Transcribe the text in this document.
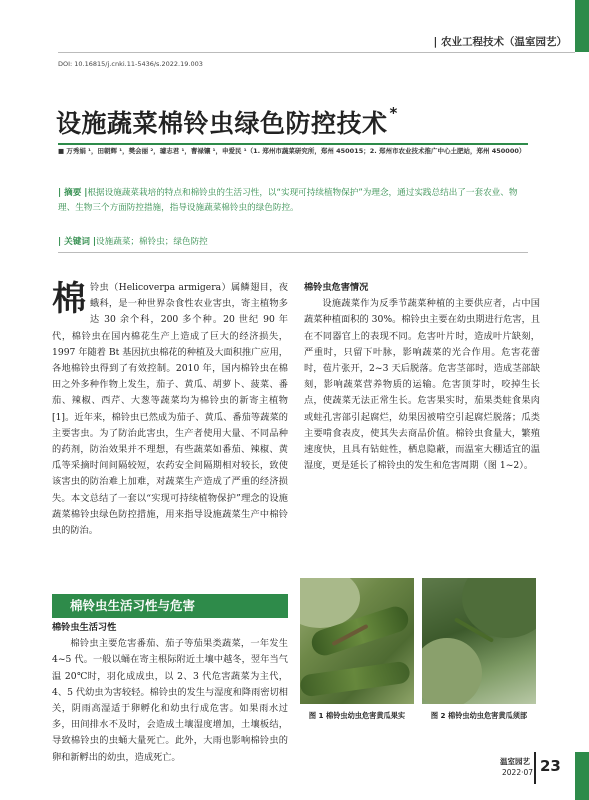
| 农业工程技术（温室园艺）
DOI: 10.16815/j.cnki.11-5436/s.2022.19.003
设施蔬菜棉铃虫绿色防控技术 *
■ 万秀娟 ¹，田朝辉 ¹，樊会丽 ²，璩志君 ¹，曹禄镶 ¹，申爱民 ¹（1. 郑州市蔬菜研究所，郑州 450015；2. 郑州市农业技术推广中心土肥站，郑州 450000）
| 摘要 |根据设施蔬菜栽培的特点和棉铃虫的生活习性，以“实现可持续植物保护”为理念，通过实践总结出了一套农业、物理、生物三个方面防控措施，指导设施蔬菜棉铃虫的绿色防控。
| 关键词 |设施蔬菜；棉铃虫；绿色防控

棉铃虫（Helicoverpa armigera）属鳞翅目，夜蛾科，是一种世界杂食性农业害虫，寄主植物多达 30 余个科，200 多个种。20 世纪 90 年代，棉铃虫在国内棉花生产上造成了巨大的经济损失，1997 年随着 Bt 基因抗虫棉花的种植及大面积推广应用，各地棉铃虫得到了有效控制。2010 年，国内棉铃虫在棉田之外多种作物上发生，茄子、黄瓜、胡萝卜、菠菜、番茄、辣椒、西芹、大葱等蔬菜均为棉铃虫的新寄主植物 [1]。近年来，棉铃虫已然成为茄子、黄瓜、番茄等蔬菜的主要害虫。为了防治此害虫，生产者使用大量、不同品种的药剂，防治效果并不理想，有些蔬菜如番茄、辣椒、黄瓜等采摘时间间隔较短，农药安全间隔期相对较长，致使该害虫的防治难上加难，对蔬菜生产造成了严重的经济损失。本文总结了一套以“实现可持续植物保护”理念的设施蔬菜棉铃虫绿色防控措施，用来指导设施蔬菜生产中棉铃虫的防治。

棉铃虫生活习性与危害

棉铃虫生活习性

棉铃虫主要危害番茄、茄子等茄果类蔬菜，一年发生 4~5 代。一般以蛹在寄主根际附近土壤中越冬，翌年当气温 20℃时，羽化成成虫，以 2、3 代危害蔬菜为主代，4、5 代幼虫为害较轻。棉铃虫的发生与湿度和降雨密切相关，阴雨高湿适于卵孵化和幼虫行成危害。如果雨水过多，田间排水不及时，会造成土壤湿度增加，土壤板结，导致棉铃虫的虫蛹大量死亡。此外，大雨也影响棉铃虫的卵和新孵出的幼虫，造成死亡。

棉铃虫危害情况

设施蔬菜作为反季节蔬菜种植的主要供应者，占中国蔬菜种植面积的 30%。棉铃虫主要在幼虫期进行危害，且在不同器官上的表现不同。危害叶片时，造成叶片缺刻，严重时，只留下叶脉，影响蔬菜的光合作用。危害花蕾时，苞片张开，2~3 天后脱落。危害茎部时，造成茎部缺刻，影响蔬菜营养物质的运输。危害顶芽时，咬掉生长点，使蔬菜无法正常生长。危害果实时，茄果类蛀食果肉或蛀孔害部引起腐烂，幼果因被啃空引起腐烂脱落；瓜类主要啃食表皮，使其失去商品价值。棉铃虫食量大，繁殖速度快，且具有钻蛀性，栖息隐蔽，而温室大棚适宜的温湿度，更是延长了棉铃虫的发生和危害周期（图 1~2）。

图 1 棉铃虫幼虫危害黄瓜果实	图 2 棉铃虫幼虫危害黄瓜须部
温室园艺
2022·07 23
